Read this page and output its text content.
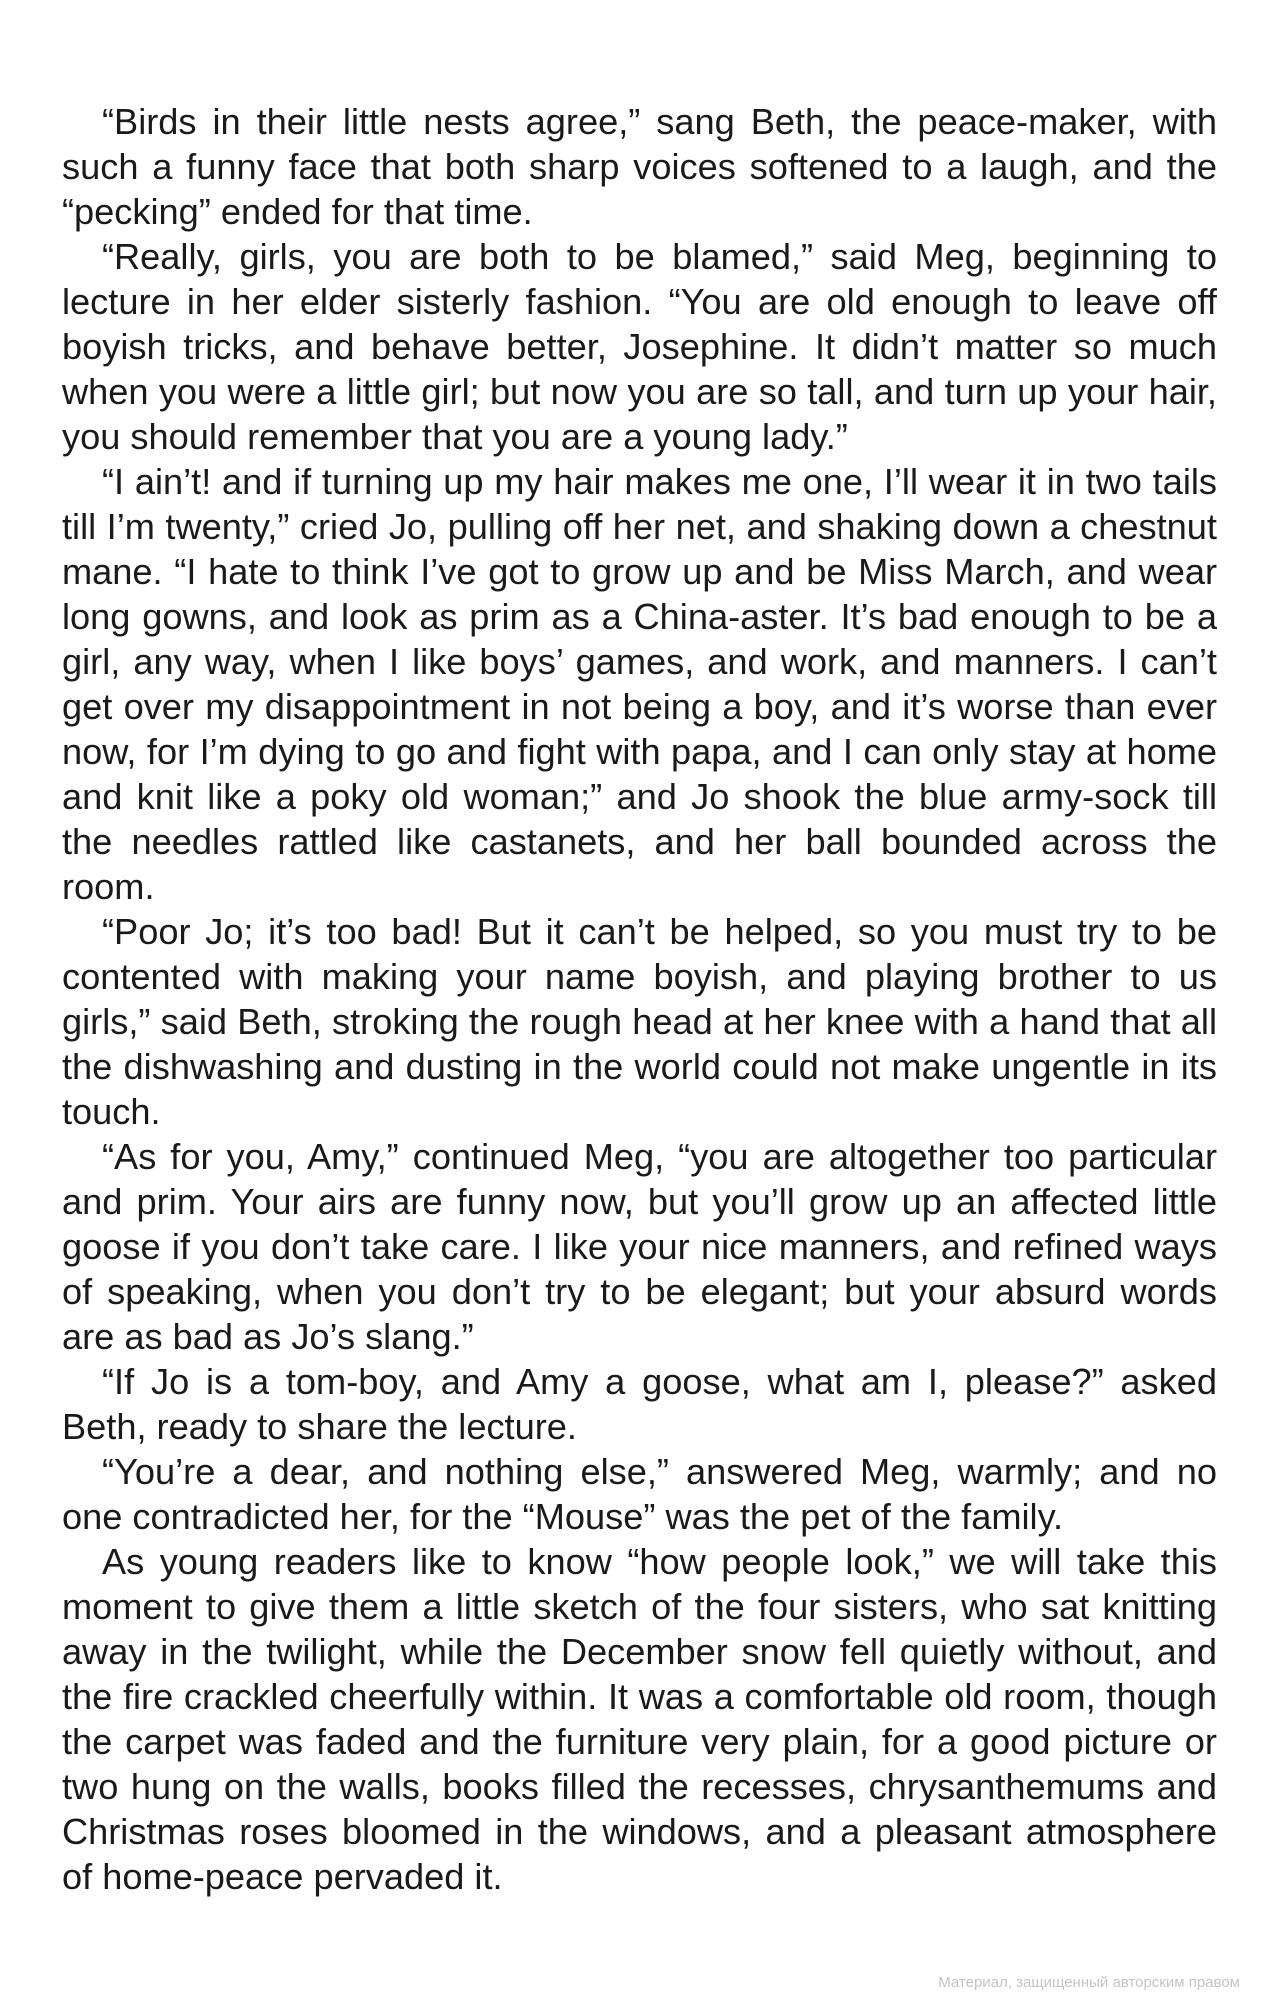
“Birds in their little nests agree,” sang Beth, the peace-maker, with such a funny face that both sharp voices softened to a laugh, and the “pecking” ended for that time.

“Really, girls, you are both to be blamed,” said Meg, beginning to lecture in her elder sisterly fashion. “You are old enough to leave off boyish tricks, and behave better, Josephine. It didn’t matter so much when you were a little girl; but now you are so tall, and turn up your hair, you should remember that you are a young lady.”

“I ain’t! and if turning up my hair makes me one, I’ll wear it in two tails till I’m twenty,” cried Jo, pulling off her net, and shaking down a chestnut mane. “I hate to think I’ve got to grow up and be Miss March, and wear long gowns, and look as prim as a China-aster. It’s bad enough to be a girl, any way, when I like boys’ games, and work, and manners. I can’t get over my disappointment in not being a boy, and it’s worse than ever now, for I’m dying to go and fight with papa, and I can only stay at home and knit like a poky old woman;” and Jo shook the blue army-sock till the needles rattled like castanets, and her ball bounded across the room.

“Poor Jo; it’s too bad! But it can’t be helped, so you must try to be contented with making your name boyish, and playing brother to us girls,” said Beth, stroking the rough head at her knee with a hand that all the dishwashing and dusting in the world could not make ungentle in its touch.

“As for you, Amy,” continued Meg, “you are altogether too particular and prim. Your airs are funny now, but you’ll grow up an affected little goose if you don’t take care. I like your nice manners, and refined ways of speaking, when you don’t try to be elegant; but your absurd words are as bad as Jo’s slang.”

“If Jo is a tom-boy, and Amy a goose, what am I, please?” asked Beth, ready to share the lecture.

“You’re a dear, and nothing else,” answered Meg, warmly; and no one contradicted her, for the “Mouse” was the pet of the family.

As young readers like to know “how people look,” we will take this moment to give them a little sketch of the four sisters, who sat knitting away in the twilight, while the December snow fell quietly without, and the fire crackled cheerfully within. It was a comfortable old room, though the carpet was faded and the furniture very plain, for a good picture or two hung on the walls, books filled the recesses, chrysanthemums and Christmas roses bloomed in the windows, and a pleasant atmosphere of home-peace pervaded it.

Материал, защищенный авторским правом
